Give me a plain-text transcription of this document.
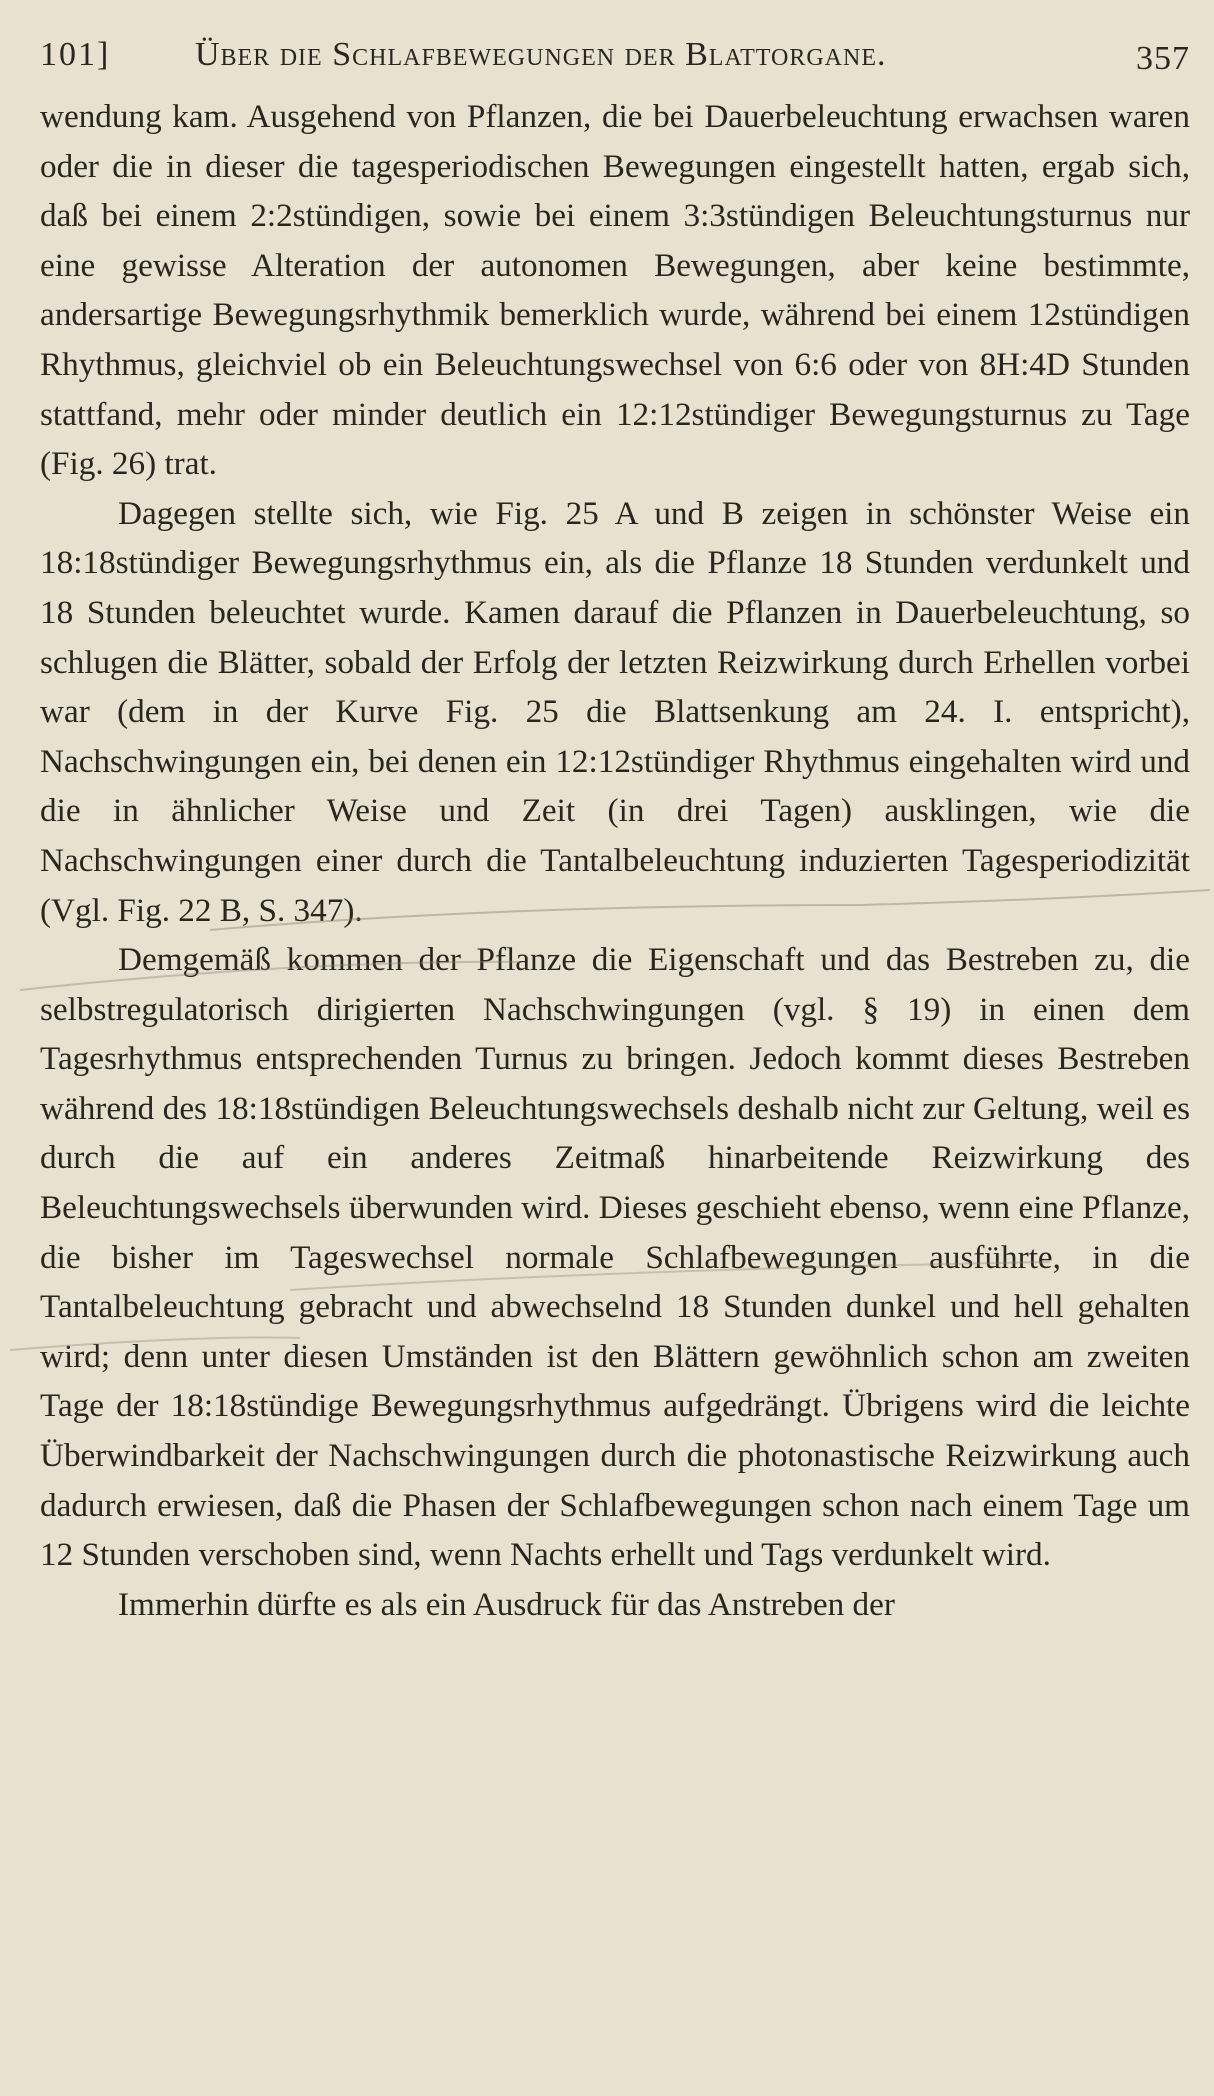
101] Über die Schlafbewegungen der Blattorgane.	357

wendung kam. Ausgehend von Pflanzen, die bei Dauerbeleuchtung erwachsen waren oder die in dieser die tagesperiodischen Bewegungen eingestellt hatten, ergab sich, daß bei einem 2:2stündigen, sowie bei einem 3:3stündigen Beleuchtungsturnus nur eine gewisse Alteration der autonomen Bewegungen, aber keine bestimmte, andersartige Bewegungsrhythmik bemerklich wurde, während bei einem 12stündigen Rhythmus, gleichviel ob ein Beleuchtungswechsel von 6:6 oder von 8H:4D Stunden stattfand, mehr oder minder deutlich ein 12:12stündiger Bewegungsturnus zu Tage (Fig. 26) trat.

Dagegen stellte sich, wie Fig. 25 A und B zeigen in schönster Weise ein 18:18stündiger Bewegungsrhythmus ein, als die Pflanze 18 Stunden verdunkelt und 18 Stunden beleuchtet wurde. Kamen darauf die Pflanzen in Dauerbeleuchtung, so schlugen die Blätter, sobald der Erfolg der letzten Reizwirkung durch Erhellen vorbei war (dem in der Kurve Fig. 25 die Blattsenkung am 24. I. entspricht), Nachschwingungen ein, bei denen ein 12:12stündiger Rhythmus eingehalten wird und die in ähnlicher Weise und Zeit (in drei Tagen) ausklingen, wie die Nachschwingungen einer durch die Tantalbeleuchtung induzierten Tagesperiodizität (Vgl. Fig. 22 B, S. 347).

Demgemäß kommen der Pflanze die Eigenschaft und das Bestreben zu, die selbstregulatorisch dirigierten Nachschwingungen (vgl. § 19) in einen dem Tagesrhythmus entsprechenden Turnus zu bringen. Jedoch kommt dieses Bestreben während des 18:18stündigen Beleuchtungswechsels deshalb nicht zur Geltung, weil es durch die auf ein anderes Zeitmaß hinarbeitende Reizwirkung des Beleuchtungswechsels überwunden wird. Dieses geschieht ebenso, wenn eine Pflanze, die bisher im Tageswechsel normale Schlafbewegungen ausführte, in die Tantalbeleuchtung gebracht und abwechselnd 18 Stunden dunkel und hell gehalten wird; denn unter diesen Umständen ist den Blättern gewöhnlich schon am zweiten Tage der 18:18stündige Bewegungsrhythmus aufgedrängt. Übrigens wird die leichte Überwindbarkeit der Nachschwingungen durch die photonastische Reizwirkung auch dadurch erwiesen, daß die Phasen der Schlafbewegungen schon nach einem Tage um 12 Stunden verschoben sind, wenn Nachts erhellt und Tags verdunkelt wird.

Immerhin dürfte es als ein Ausdruck für das Anstreben der
